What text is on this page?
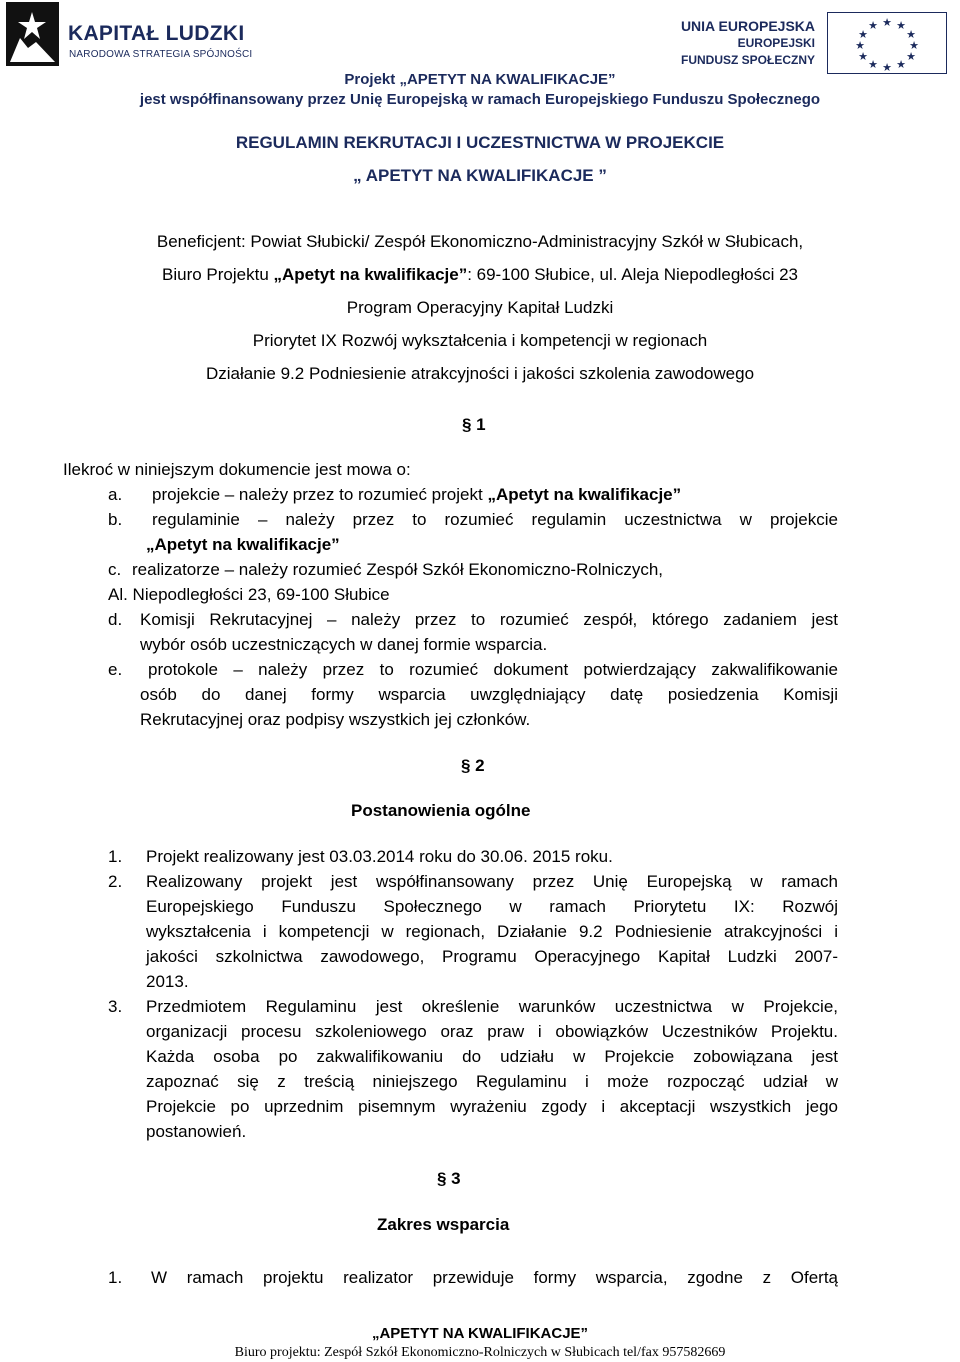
KAPITAŁ LUDZKI
NARODOWA STRATEGIA SPÓJNOŚCI
UNIA EUROPEJSKA
EUROPEJSKI
FUNDUSZ SPOŁECZNY
★ ★
★
★
★
★
★
★
★
★
★
★
Projekt „APETYT NA KWALIFIKACJE”
jest współfinansowany przez Unię Europejską w ramach Europejskiego Funduszu Społecznego
REGULAMIN REKRUTACJI I UCZESTNICTWA W PROJEKCIE
„ APETYT NA KWALIFIKACJE ”
Beneficjent: Powiat Słubicki/ Zespół Ekonomiczno-Administracyjny Szkół w Słubicach,
Biuro Projektu „Apetyt na kwalifikacje”: 69-100 Słubice, ul. Aleja Niepodległości 23
Program Operacyjny Kapitał Ludzki
Priorytet IX Rozwój wykształcenia i kompetencji w regionach
Działanie 9.2 Podniesienie atrakcyjności i jakości szkolenia zawodowego
§ 1
Ilekroć w niniejszym dokumencie jest mowa o:
a. projekcie – należy przez to rozumieć projekt „Apetyt na kwalifikacje”
b. regulaminie – należy przez to rozumieć regulamin uczestnictwa w projekcie
„Apetyt na kwalifikacje”
c. realizatorze – należy rozumieć Zespół Szkół Ekonomiczno-Rolniczych,
Al. Niepodległości 23, 69-100 Słubice
d. Komisji Rekrutacyjnej – należy przez to rozumieć zespół, którego zadaniem jest
wybór osób uczestniczących w danej formie wsparcia.
e. protokole – należy przez to rozumieć dokument potwierdzający zakwalifikowanie
osób do danej formy wsparcia uwzględniający datę posiedzenia Komisji
Rekrutacyjnej oraz podpisy wszystkich jej członków.
§ 2
Postanowienia ogólne
1. Projekt realizowany jest 03.03.2014 roku do 30.06. 2015 roku.
2. Realizowany projekt jest współfinansowany przez Unię Europejską w ramach
Europejskiego Funduszu Społecznego w ramach Priorytetu IX: Rozwój
wykształcenia i kompetencji w regionach, Działanie 9.2 Podniesienie atrakcyjności i
jakości szkolnictwa zawodowego, Programu Operacyjnego Kapitał Ludzki 2007-
2013.
3. Przedmiotem Regulaminu jest określenie warunków uczestnictwa w Projekcie,
organizacji procesu szkoleniowego oraz praw i obowiązków Uczestników Projektu.
Każda osoba po zakwalifikowaniu do udziału w Projekcie zobowiązana jest
zapoznać się z treścią niniejszego Regulaminu i może rozpocząć udział w
Projekcie po uprzednim pisemnym wyrażeniu zgody i akceptacji wszystkich jego
postanowień.
§ 3
Zakres wsparcia
1. W ramach projektu realizator przewiduje formy wsparcia, zgodne z Ofertą
„APETYT NA KWALIFIKACJE”
Biuro projektu: Zespół Szkół Ekonomiczno-Rolniczych w Słubicach tel/fax 957582669
